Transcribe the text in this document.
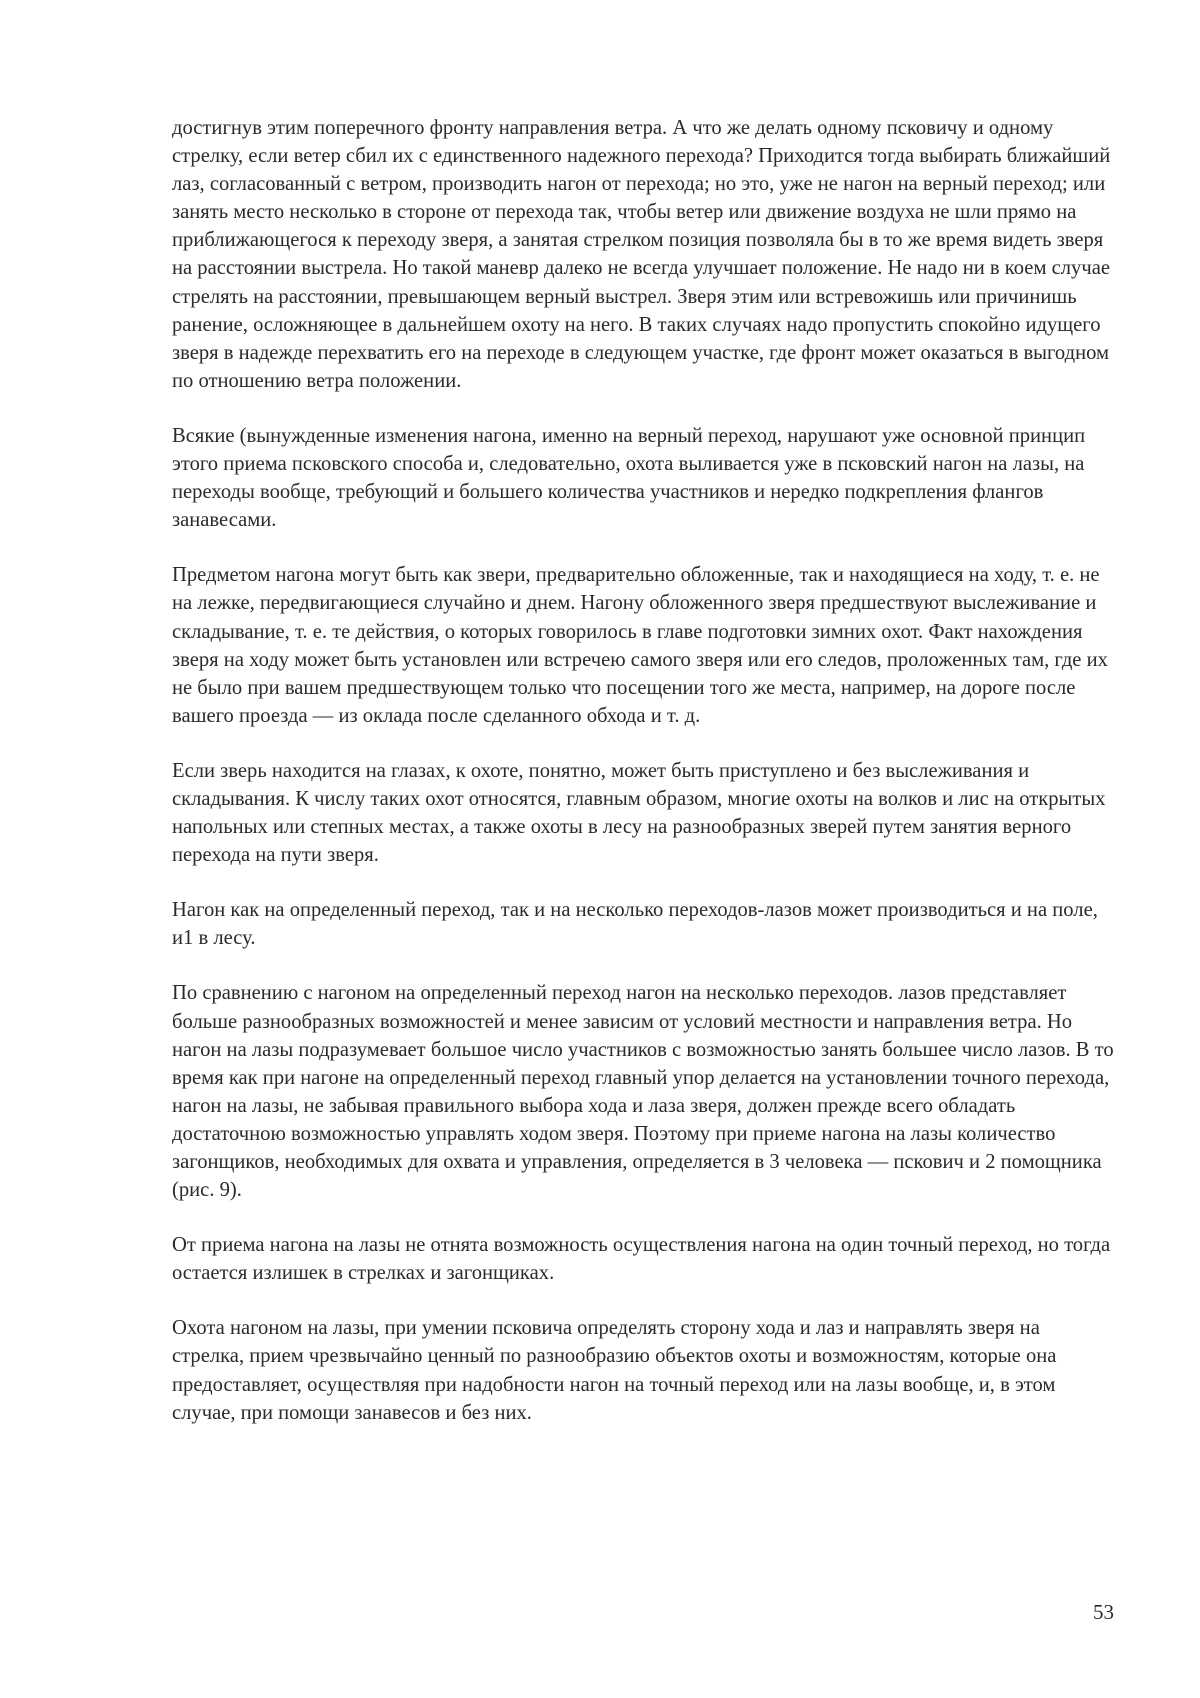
достигнув этим поперечного фронту направления ветра. А что же делать одному псковичу и одному стрелку, если ветер сбил их с единственного надежного перехода? Приходится тогда выбирать ближайший лаз, согласованный с ветром, производить нагон от перехода; но это, уже не нагон на верный переход; или занять место несколько в стороне от перехода так, чтобы ветер или движение воздуха не шли прямо на приближающегося к переходу зверя, а занятая стрелком позиция позволяла бы в то же время видеть зверя на расстоянии выстрела. Но такой маневр далеко не всегда улучшает положение. Не надо ни в коем случае стрелять на расстоянии, превышающем верный выстрел. Зверя этим или встревожишь или причинишь ранение, осложняющее в дальнейшем охоту на него. В таких случаях надо пропустить спокойно идущего зверя в надежде перехватить его на переходе в следующем участке, где фронт может оказаться в выгодном по отношению ветра положении.

Всякие (вынужденные изменения нагона, именно на верный переход, нарушают уже основной принцип этого приема псковского способа и, следовательно, охота выливается уже в псковский нагон на лазы, на переходы вообще, требующий и большего количества участников и нередко подкрепления флангов занавесами.

Предметом нагона могут быть как звери, предварительно обложенные, так и находящиеся на ходу, т. е. не на лежке, передвигающиеся случайно и днем. Нагону обложенного зверя предшествуют выслеживание и складывание, т. е. те действия, о которых говорилось в главе подготовки зимних охот. Факт нахождения зверя на ходу может быть установлен или встречею самого зверя или его следов, проложенных там, где их не было при вашем предшествующем только что посещении того же места, например, на дороге после вашего проезда — из оклада после сделанного обхода и т. д.

Если зверь находится на глазах, к охоте, понятно, может быть приступлено и без выслеживания и складывания. К числу таких охот относятся, главным образом, многие охоты на волков и лис на открытых напольных или степных местах, а также охоты в лесу на разнообразных зверей путем занятия верного перехода на пути зверя.

Нагон как на определенный переход, так и на несколько переходов-лазов может производиться и на поле, и1 в лесу.

По сравнению с нагоном на определенный переход нагон на несколько переходов. лазов представляет больше разнообразных возможностей и менее зависим от условий местности и направления ветра. Но нагон на лазы подразумевает большое число участников с возможностью занять большее число лазов. В то время как при нагоне на определенный переход главный упор делается на установлении точного перехода, нагон на лазы, не забывая правильного выбора хода и лаза зверя, должен прежде всего обладать достаточною возможностью управлять ходом зверя. Поэтому при приеме нагона на лазы количество загонщиков, необходимых для охвата и управления, определяется в 3 человека — пскович и 2 помощника (рис. 9).

От приема нагона на лазы не отнята возможность осуществления нагона на один точный переход, но тогда остается излишек в стрелках и загонщиках.

Охота нагоном на лазы, при умении псковича определять сторону хода и лаз и направлять зверя на стрелка, прием чрезвычайно ценный по разнообразию объектов охоты и возможностям, которые она предоставляет, осуществляя при надобности нагон на точный переход или на лазы вообще, и, в этом случае, при помощи занавесов и без них.

53
